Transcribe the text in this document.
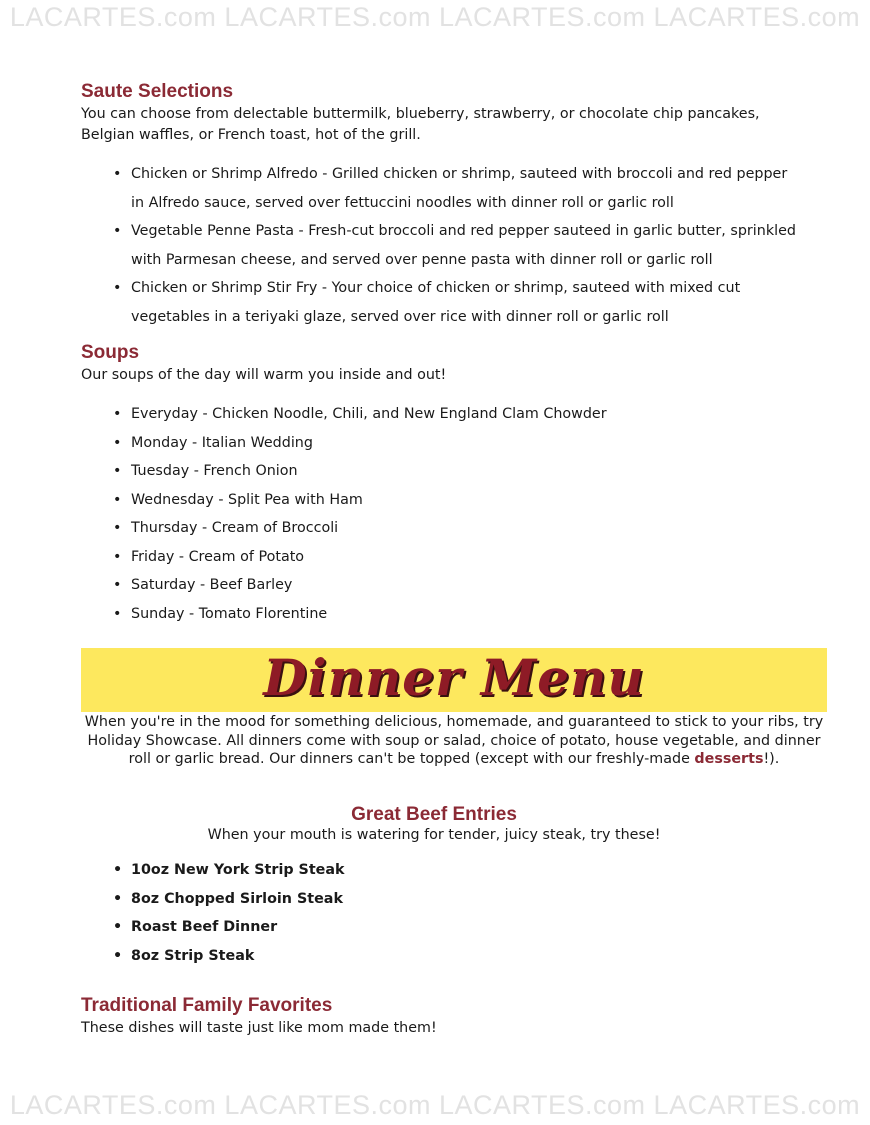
LACARTES.com LACARTES.com LACARTES.com LACARTES.com
LACARTES.com LACARTES.com LACARTES.com LACARTES.com
Saute Selections

You can choose from delectable buttermilk, blueberry, strawberry, or chocolate chip pancakes, Belgian waffles, or French toast, hot of the grill.

• Chicken or Shrimp Alfredo - Grilled chicken or shrimp, sauteed with broccoli and red pepper in Alfredo sauce, served over fettuccini noodles with dinner roll or garlic roll
• Vegetable Penne Pasta - Fresh-cut broccoli and red pepper sauteed in garlic butter, sprinkled with Parmesan cheese, and served over penne pasta with dinner roll or garlic roll
• Chicken or Shrimp Stir Fry - Your choice of chicken or shrimp, sauteed with mixed cut vegetables in a teriyaki glaze, served over rice with dinner roll or garlic roll
Soups

Our soups of the day will warm you inside and out!

• Everyday - Chicken Noodle, Chili, and New England Clam Chowder
• Monday - Italian Wedding
• Tuesday - French Onion
• Wednesday - Split Pea with Ham
• Thursday - Cream of Broccoli
• Friday - Cream of Potato
• Saturday - Beef Barley
• Sunday - Tomato Florentine
Dinner Menu
When you're in the mood for something delicious, homemade, and guaranteed to stick to your ribs, try Holiday Showcase. All dinners come with soup or salad, choice of potato, house vegetable, and dinner roll or garlic bread. Our dinners can't be topped (except with our freshly-made desserts!).
Great Beef Entries
When your mouth is watering for tender, juicy steak, try these!
• 10oz New York Strip Steak
• 8oz Chopped Sirloin Steak
• Roast Beef Dinner
• 8oz Strip Steak
Traditional Family Favorites

These dishes will taste just like mom made them!
